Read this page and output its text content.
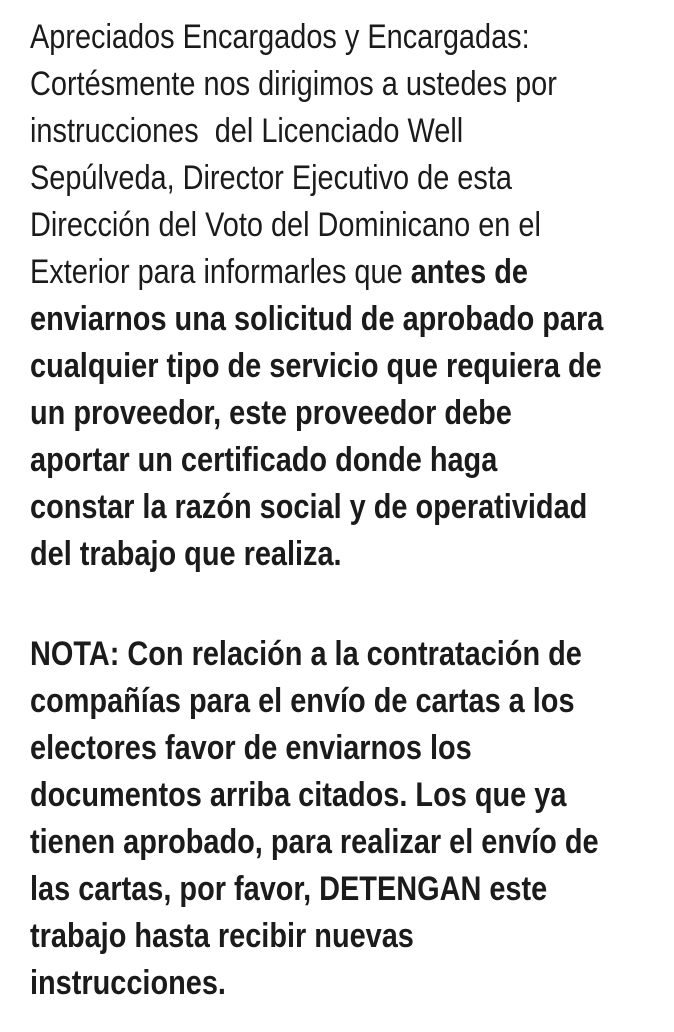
Apreciados Encargados y Encargadas:
Cortésmente nos dirigimos a ustedes por
instrucciones  del Licenciado Well
Sepúlveda, Director Ejecutivo de esta
Dirección del Voto del Dominicano en el
Exterior para informarles que antes de
enviarnos una solicitud de aprobado para
cualquier tipo de servicio que requiera de
un proveedor, este proveedor debe
aportar un certificado donde haga
constar la razón social y de operatividad
del trabajo que realiza.
NOTA: Con relación a la contratación de
compañías para el envío de cartas a los
electores favor de enviarnos los
documentos arriba citados. Los que ya
tienen aprobado, para realizar el envío de
las cartas, por favor, DETENGAN este
trabajo hasta recibir nuevas
instrucciones.
